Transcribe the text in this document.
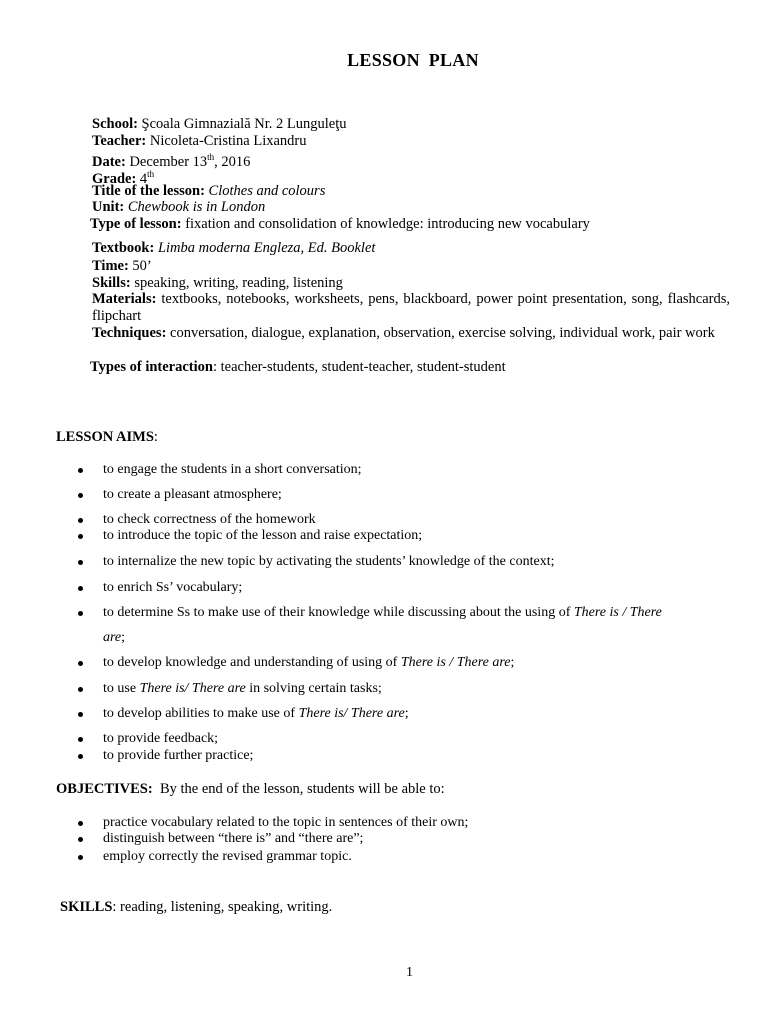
LESSON PLAN
School: Şcoala Gimnazială Nr. 2 Lunguleţu
Teacher: Nicoleta-Cristina Lixandru
Date: December 13th, 2016
Grade: 4th
Title of the lesson: Clothes and colours
Unit: Chewbook is in London
Type of lesson: fixation and consolidation of knowledge: introducing new vocabulary
Textbook: Limba moderna Engleza, Ed. Booklet
Time: 50’
Skills: speaking, writing, reading, listening
Materials: textbooks, notebooks, worksheets, pens, blackboard, power point presentation, song, flashcards, flipchart
Techniques: conversation, dialogue, explanation, observation, exercise solving, individual work, pair work
Types of interaction: teacher-students, student-teacher, student-student
LESSON AIMS:
to engage the students in a short conversation;
to create a pleasant atmosphere;
to check correctness of the homework
to introduce the topic of the lesson and raise expectation;
to internalize the new topic by activating the students’ knowledge of the context;
to enrich Ss’ vocabulary;
to determine Ss to make use of their knowledge while discussing about the using of There is / There
are;
to develop knowledge and understanding of using of There is / There are;
to use There is/ There are in solving certain tasks;
to develop abilities to make use of There is/ There are;
to provide feedback;
to provide further practice;
OBJECTIVES: By the end of the lesson, students will be able to:
practice vocabulary related to the topic in sentences of their own;
distinguish between “there is” and “there are”;
employ correctly the revised grammar topic.
SKILLS: reading, listening, speaking, writing.
1
